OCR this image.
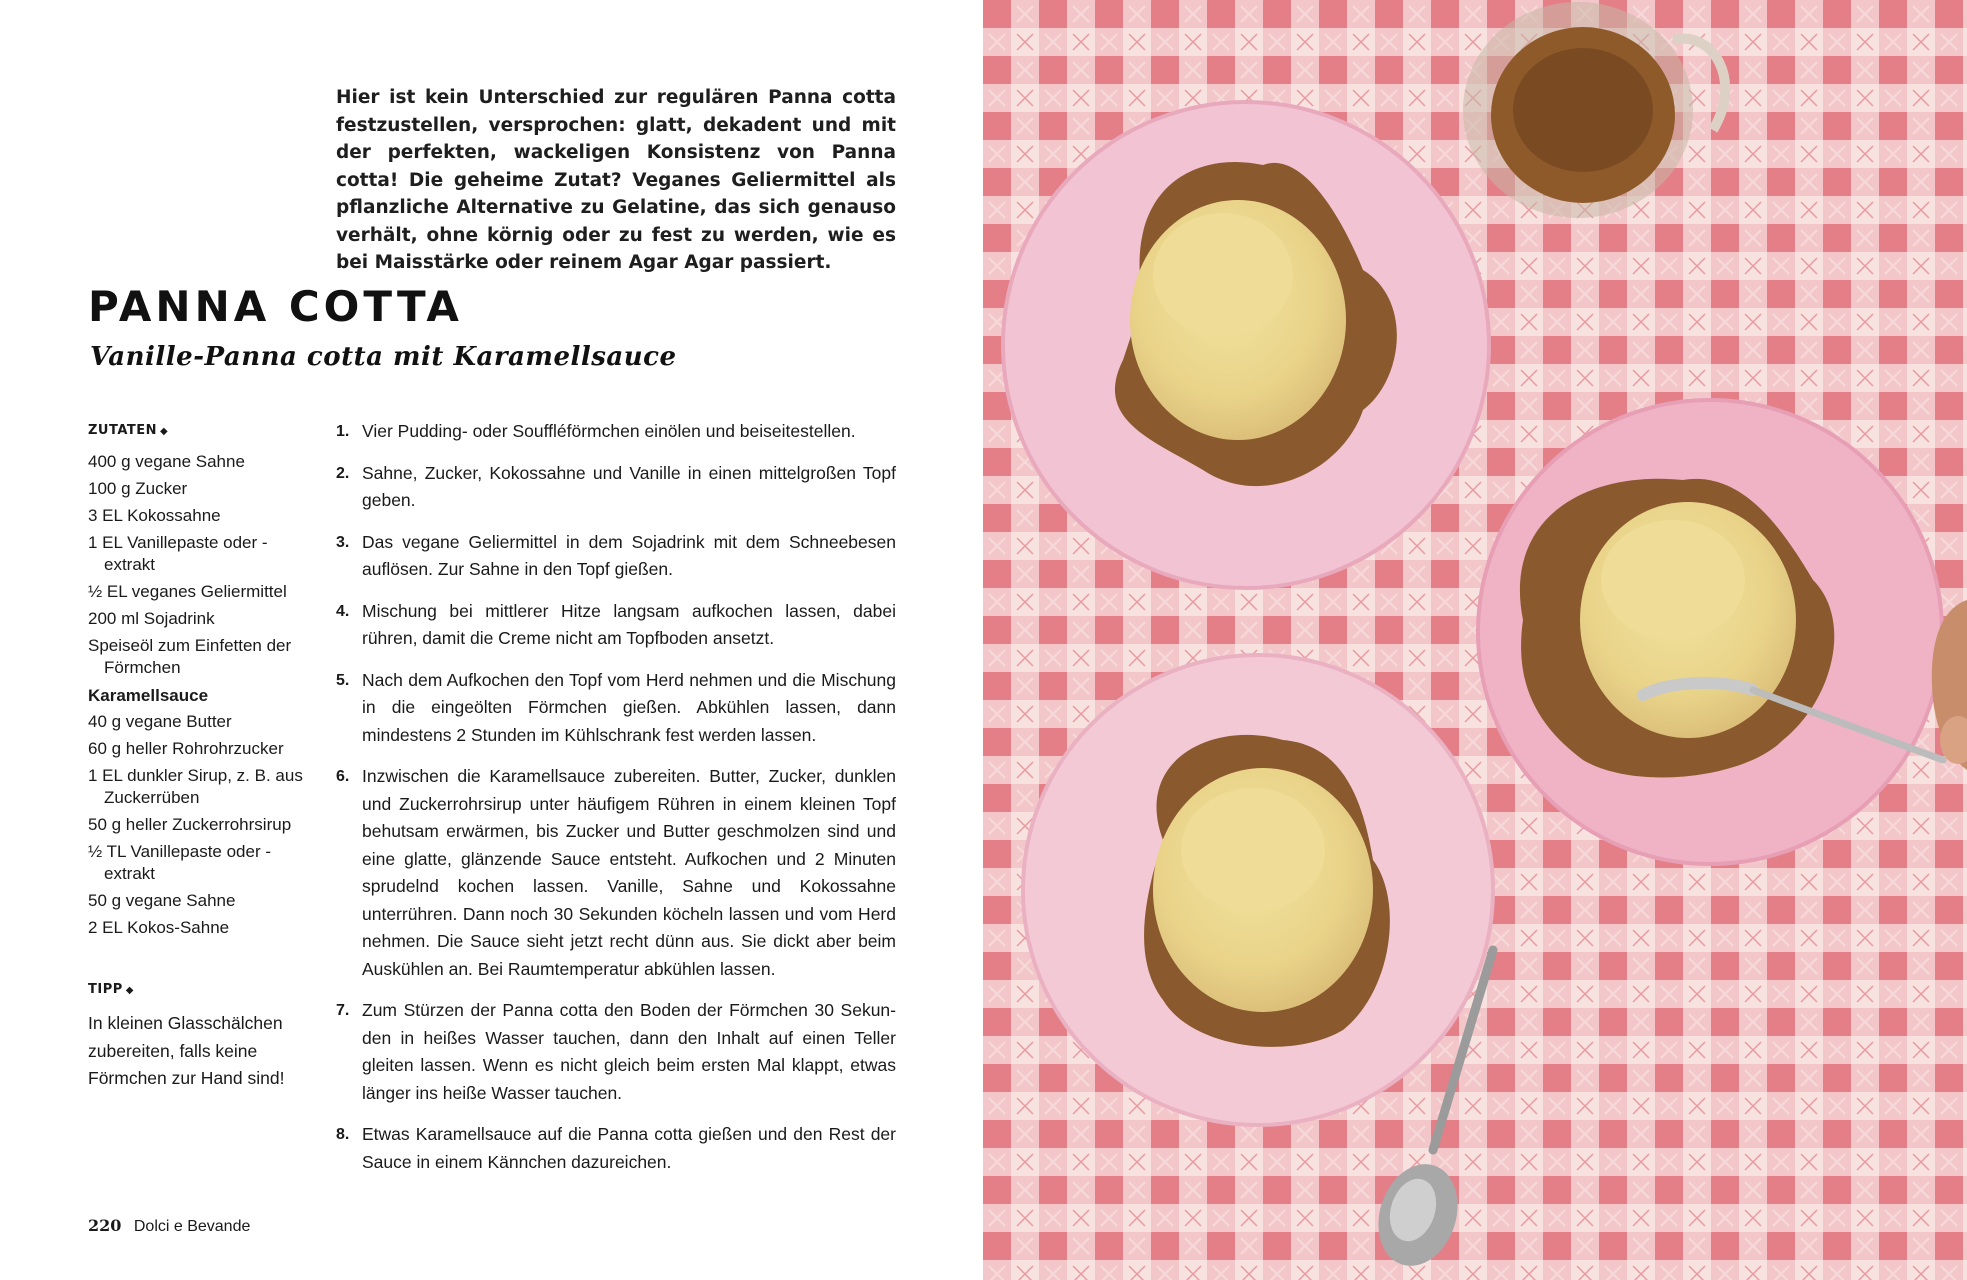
Hier ist kein Unterschied zur regulären Panna cotta festzustellen, versprochen: glatt, dekadent und mit der perfekten, wackeligen Konsistenz von Panna cotta! Die geheime Zutat? Veganes Geliermittel als pflanzliche Alternative zu Gelatine, das sich genauso verhält, ohne körnig oder zu fest zu werden, wie es bei Maisstärke oder reinem Agar Agar passiert.

PANNA COTTA
Vanille-Panna cotta mit Karamellsauce
ZUTATEN ◆
400 g vegane Sahne
100 g Zucker
3 EL Kokossahne
1 EL Vanillepaste oder -extrakt
½ EL veganes Geliermittel
200 ml Sojadrink
Speiseöl zum Einfetten der Förmchen
Karamellsauce
40 g vegane Butter
60 g heller Rohrohrzucker
1 EL dunkler Sirup, z. B. aus Zuckerrüben
50 g heller Zuckerrohrsirup
½ TL Vanillepaste oder -extrakt
50 g vegane Sahne
2 EL Kokos-Sahne
TIPP ◆
In kleinen Glasschälchen zubereiten, falls keine Förmchen zur Hand sind!
1. Vier Pudding- oder Souffléförmchen einölen und beiseitestellen.
2. Sahne, Zucker, Kokossahne und Vanille in einen mittelgroßen Topf geben.
3. Das vegane Geliermittel in dem Sojadrink mit dem Schneebesen auflösen. Zur Sahne in den Topf gießen.
4. Mischung bei mittlerer Hitze langsam aufkochen lassen, dabei rühren, damit die Creme nicht am Topfboden ansetzt.
5. Nach dem Aufkochen den Topf vom Herd nehmen und die Mischung in die eingeölten Förmchen gießen. Abkühlen lassen, dann mindestens 2 Stunden im Kühlschrank fest werden lassen.
6. Inzwischen die Karamellsauce zubereiten. Butter, Zucker, dunklen und Zuckerrohrsirup unter häufigem Rühren in einem kleinen Topf behutsam erwärmen, bis Zucker und Butter geschmolzen sind und eine glatte, glänzende Sauce entsteht. Aufkochen und 2 Minuten sprudelnd kochen lassen. Vanille, Sahne und Kokossahne unterrühren. Dann noch 30 Sekunden köcheln lassen und vom Herd nehmen. Die Sauce sieht jetzt recht dünn aus. Sie dickt aber beim Auskühlen an. Bei Raumtemperatur abkühlen lassen.
7. Zum Stürzen der Panna cotta den Boden der Förmchen 30 Sekunden in heißes Wasser tauchen, dann den Inhalt auf einen Teller gleiten lassen. Wenn es nicht gleich beim ersten Mal klappt, etwas länger ins heiße Wasser tauchen.
8. Etwas Karamellsauce auf die Panna cotta gießen und den Rest der Sauce in einem Kännchen dazureichen.
220 Dolci e Bevande
